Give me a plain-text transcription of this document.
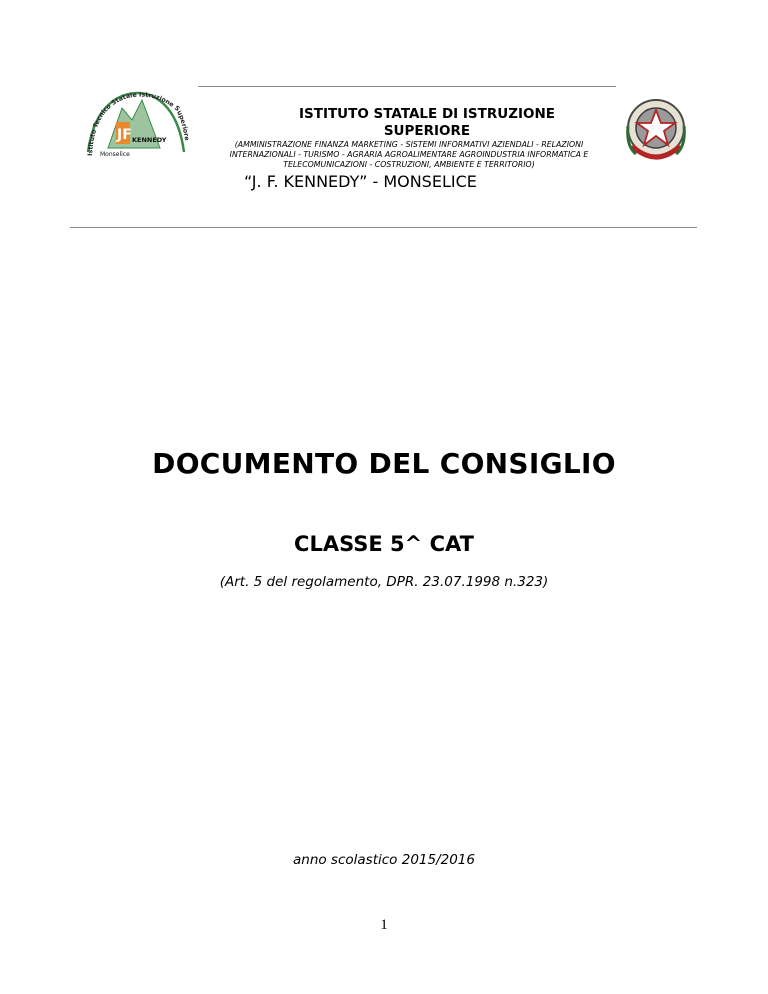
Istituto Tecnico Statale Istruzione Superiore
JF KENNEDY
Monselice
ISTITUTO STATALE DI ISTRUZIONE SUPERIORE
(AMMINISTRAZIONE FINANZA MARKETING - SISTEMI INFORMATIVI AZIENDALI - RELAZIONI INTERNAZIONALI - TURISMO - AGRARIA AGROALIMENTARE AGROINDUSTRIA INFORMATICA E TELECOMUNICAZIONI - COSTRUZIONI, AMBIENTE E TERRITORIO)
“J. F. KENNEDY” - MONSELICE
DOCUMENTO DEL CONSIGLIO
CLASSE 5^ CAT
(Art. 5 del regolamento, DPR. 23.07.1998 n.323)
anno scolastico 2015/2016
1
